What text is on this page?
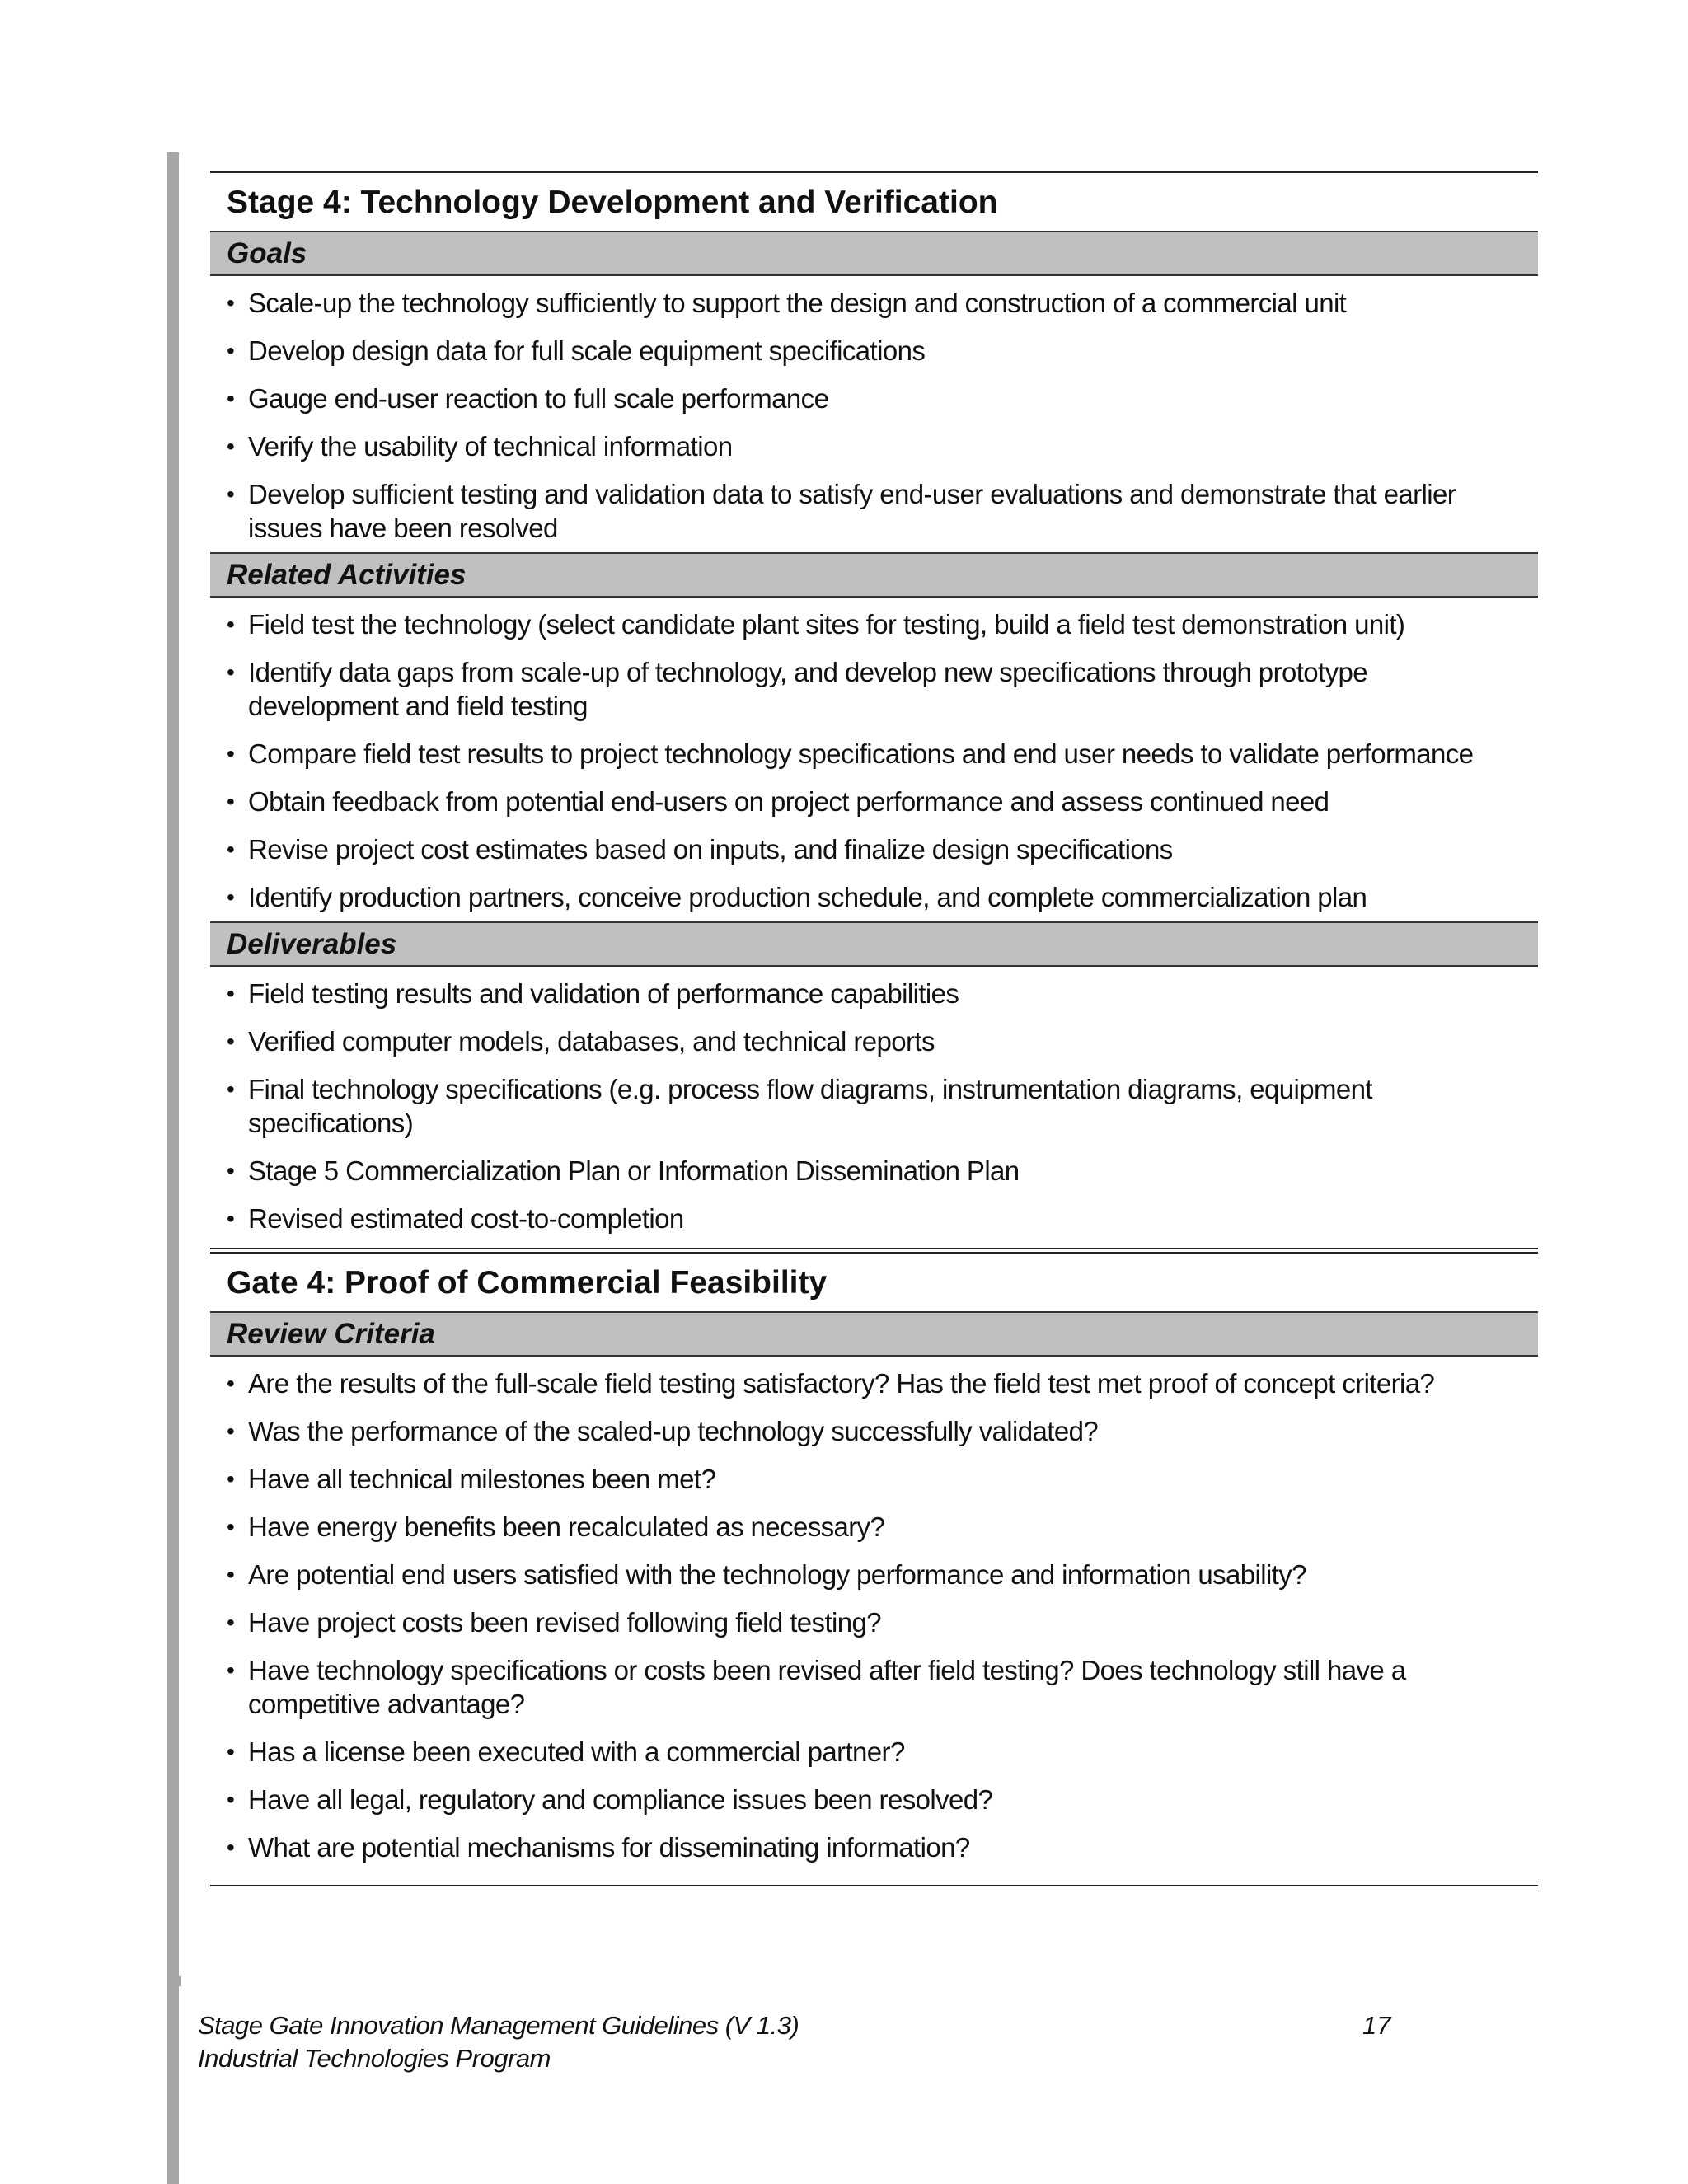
Stage 4: Technology Development and Verification
Goals
• Scale-up the technology sufficiently to support the design and construction of a commercial unit
• Develop design data for full scale equipment specifications
• Gauge end-user reaction to full scale performance
• Verify the usability of technical information
• Develop sufficient testing and validation data to satisfy end-user evaluations and demonstrate that earlier issues have been resolved
Related Activities
• Field test the technology (select candidate plant sites for testing, build a field test demonstration unit)
• Identify data gaps from scale-up of technology, and develop new specifications through prototype development and field testing
• Compare field test results to project technology specifications and end user needs to validate performance
• Obtain feedback from potential end-users on project performance and assess continued need
• Revise project cost estimates based on inputs, and finalize design specifications
• Identify production partners, conceive production schedule, and complete commercialization plan
Deliverables
• Field testing results and validation of performance capabilities
• Verified computer models, databases, and technical reports
• Final technology specifications (e.g. process flow diagrams, instrumentation diagrams, equipment specifications)
• Stage 5 Commercialization Plan or Information Dissemination Plan
• Revised estimated cost-to-completion
Gate 4: Proof of Commercial Feasibility
Review Criteria
• Are the results of the full-scale field testing satisfactory? Has the field test met proof of concept criteria?
• Was the performance of the scaled-up technology successfully validated?
• Have all technical milestones been met?
• Have energy benefits been recalculated as necessary?
• Are potential end users satisfied with the technology performance and information usability?
• Have project costs been revised following field testing?
• Have technology specifications or costs been revised after field testing? Does technology still have a competitive advantage?
• Has a license been executed with a commercial partner?
• Have all legal, regulatory and compliance issues been resolved?
• What are potential mechanisms for disseminating information?
Stage Gate Innovation Management Guidelines (V 1.3)
Industrial Technologies Program
17
